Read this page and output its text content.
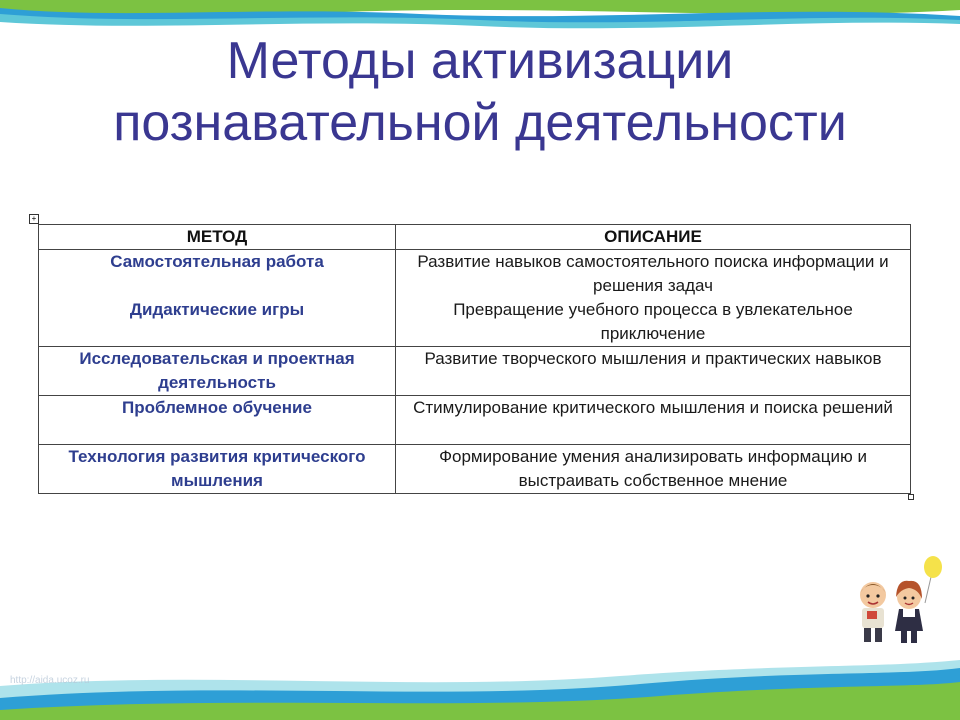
Методы активизации
познавательной деятельности
+
МЕТОД	ОПИСАНИЕ
Самостоятельная работа	Развитие навыков самостоятельного поиска информации и решения задач
Дидактические игры	Превращение учебного процесса в увлекательное приключение
Исследовательская и проектная деятельность	Развитие творческого мышления и практических навыков
Проблемное обучение	Стимулирование критического мышления и поиска решений
Технология развития критического мышления	Формирование умения анализировать информацию и выстраивать собственное мнение
http://aida.ucoz.ru
